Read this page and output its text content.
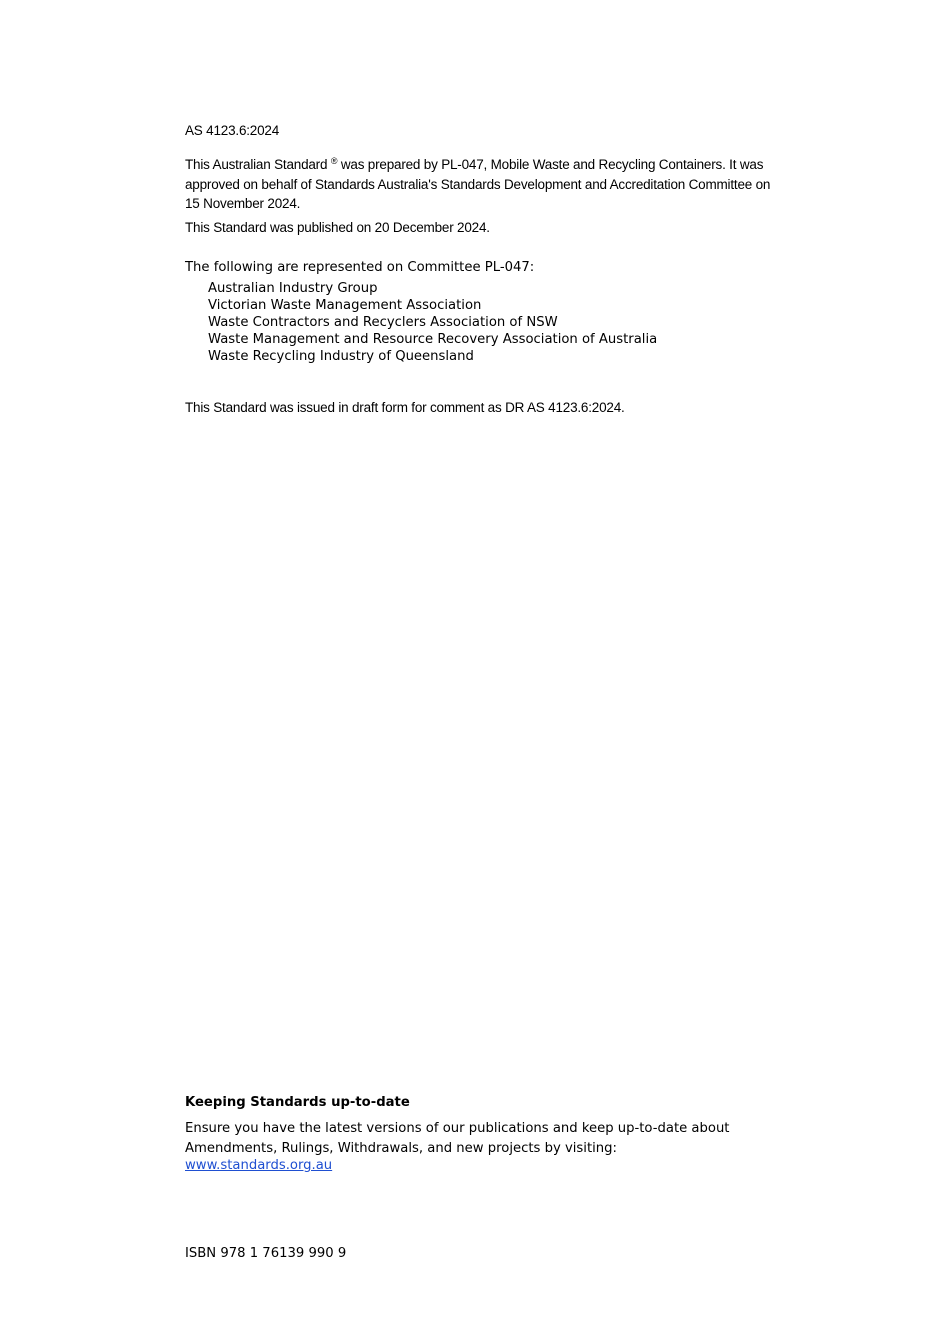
AS 4123.6:2024

This Australian Standard ® was prepared by PL-047, Mobile Waste and Recycling Containers. It was approved on behalf of Standards Australia's Standards Development and Accreditation Committee on 15 November 2024.

This Standard was published on 20 December 2024.
The following are represented on Committee PL-047:
Australian Industry Group
Victorian Waste Management Association
Waste Contractors and Recyclers Association of NSW
Waste Management and Resource Recovery Association of Australia
Waste Recycling Industry of Queensland
This Standard was issued in draft form for comment as DR AS 4123.6:2024.
Keeping Standards up-to-date

Ensure you have the latest versions of our publications and keep up-to-date about Amendments, Rulings, Withdrawals, and new projects by visiting:

www.standards.org.au
ISBN 978 1 76139 990 9
